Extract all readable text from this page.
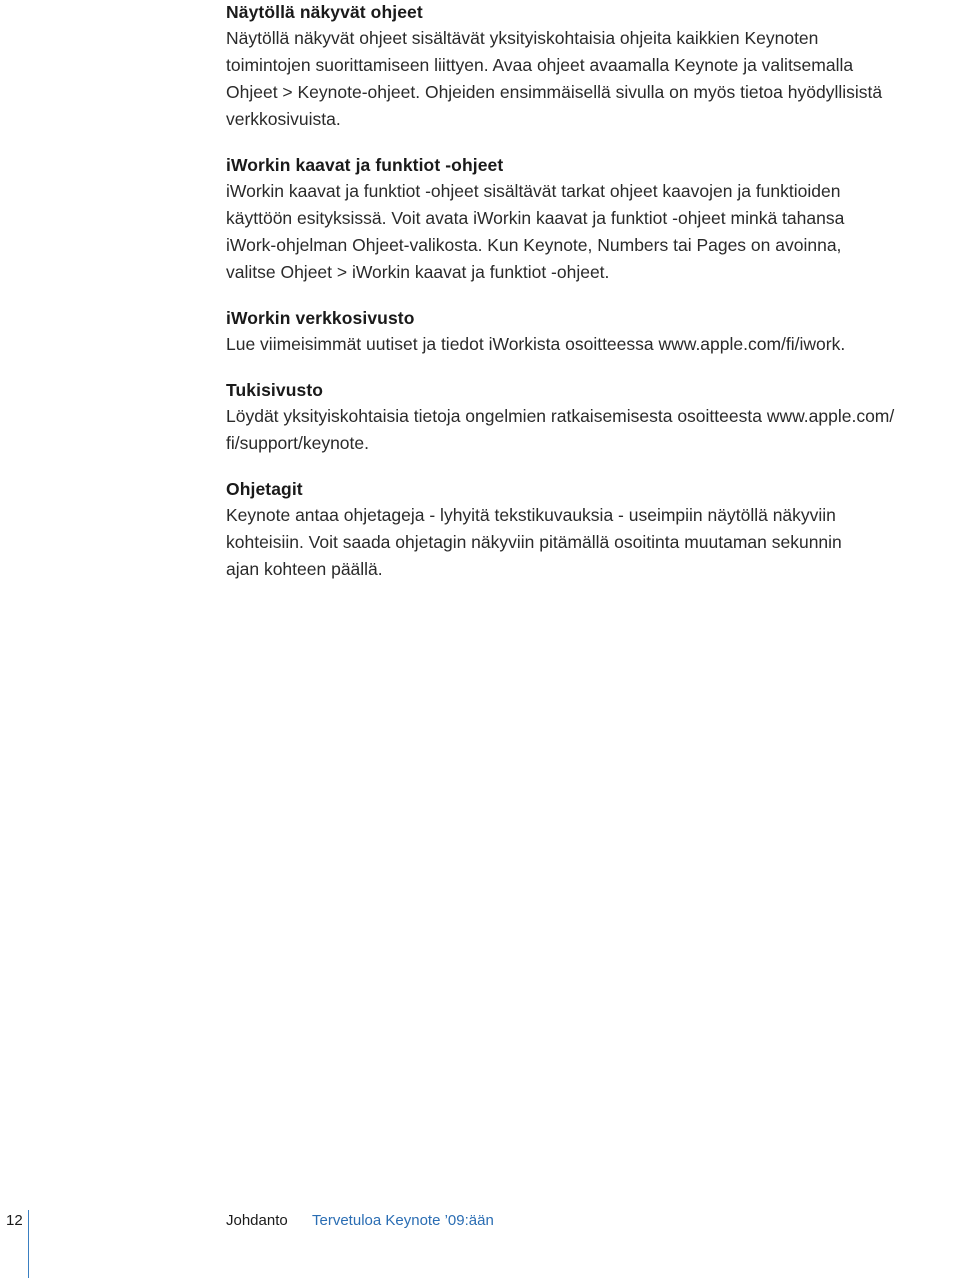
Näytöllä näkyvät ohjeet

Näytöllä näkyvät ohjeet sisältävät yksityiskohtaisia ohjeita kaikkien Keynoten
toimintojen suorittamiseen liittyen. Avaa ohjeet avaamalla Keynote ja valitsemalla
Ohjeet > Keynote-ohjeet. Ohjeiden ensimmäisellä sivulla on myös tietoa hyödyllisistä
verkkosivuista.

iWorkin kaavat ja funktiot -ohjeet

iWorkin kaavat ja funktiot -ohjeet sisältävät tarkat ohjeet kaavojen ja funktioiden
käyttöön esityksissä. Voit avata iWorkin kaavat ja funktiot -ohjeet minkä tahansa
iWork-ohjelman Ohjeet-valikosta. Kun Keynote, Numbers tai Pages on avoinna,
valitse Ohjeet > iWorkin kaavat ja funktiot -ohjeet.

iWorkin verkkosivusto

Lue viimeisimmät uutiset ja tiedot iWorkista osoitteessa www.apple.com/fi/iwork.

Tukisivusto

Löydät yksityiskohtaisia tietoja ongelmien ratkaisemisesta osoitteesta www.apple.com/
fi/support/keynote.

Ohjetagit

Keynote antaa ohjetageja - lyhyitä tekstikuvauksia - useimpiin näytöllä näkyviin
kohteisiin. Voit saada ohjetagin näkyviin pitämällä osoitinta muutaman sekunnin
ajan kohteen päällä.

12	Johdanto Tervetuloa Keynote ’09:ään
